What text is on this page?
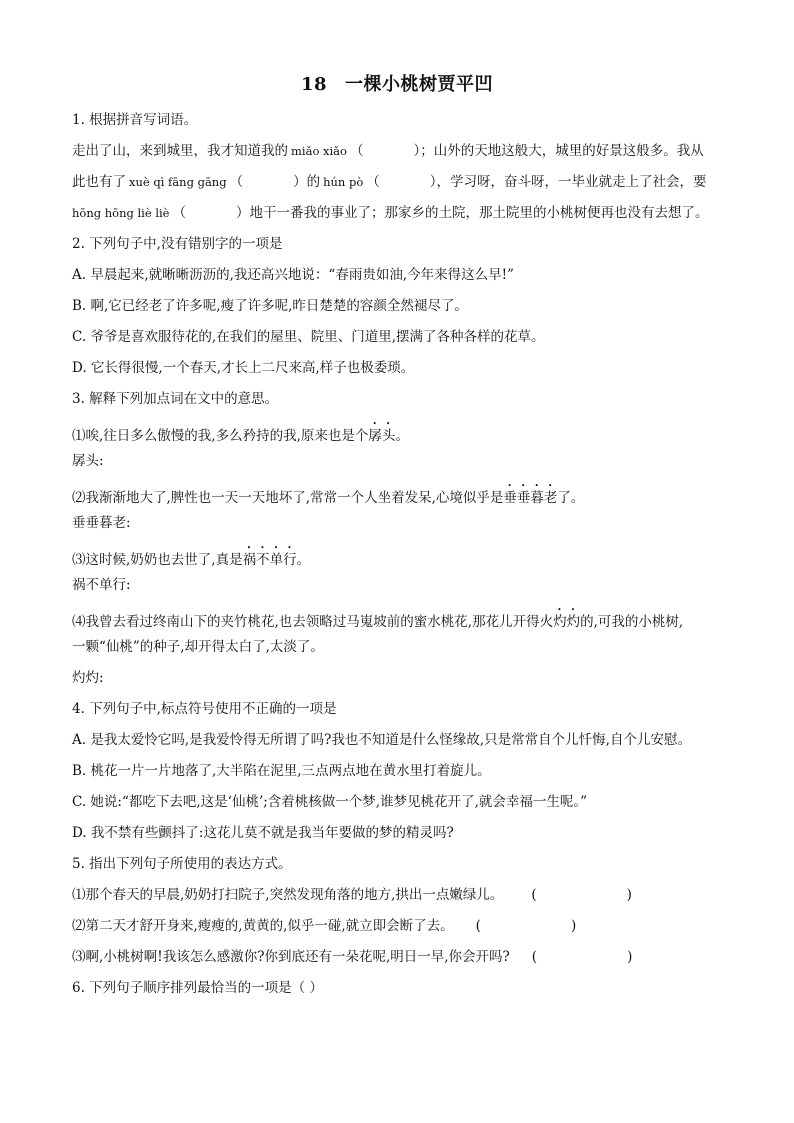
18 一棵小桃树贾平凹
1. 根据拼音写词语。
走出了山，来到城里，我才知道我的 miǎo xiǎo （	）；山外的天地这般大，城里的好景这般多。我从
此也有了 xuè qì fāng gāng （	）的 hún pò （	），学习呀，奋斗呀，一毕业就走上了社会，要
hōng hōng liè liè （	）地干一番我的事业了；那家乡的土院，那土院里的小桃树便再也没有去想了。
2. 下列句子中,没有错别字的一项是
A. 早晨起来,就晰晰沥沥的,我还高兴地说：“春雨贵如油,今年来得这么早!”
B. 啊,它已经老了许多呢,瘦了许多呢,昨日楚楚的容颜全然褪尽了。
C. 爷爷是喜欢服待花的,在我们的屋里、院里、门道里,摆满了各种各样的花草。
D. 它长得很慢,一个春天,才长上二尺来高,样子也极委琐。
3. 解释下列加点词在文中的意思。
⑴唉,往日多么傲慢的我,多么矜持的我,原来也是个孱头。
孱头:
⑵我渐渐地大了,脾性也一天一天地坏了,常常一个人坐着发呆,心境似乎是垂垂暮老了。
垂垂暮老:
⑶这时候,奶奶也去世了,真是祸不单行。
祸不单行:
⑷我曾去看过终南山下的夹竹桃花,也去领略过马嵬坡前的蜜水桃花,那花儿开得火灼灼的,可我的小桃树,
一颗“仙桃”的种子,却开得太白了,太淡了。
灼灼:
4. 下列句子中,标点符号使用不正确的一项是
A. 是我太爱怜它吗,是我爱怜得无所谓了吗?我也不知道是什么怪缘故,只是常常自个儿忏悔,自个儿安慰。
B. 桃花一片一片地落了,大半陷在泥里,三点两点地在黄水里打着旋儿。
C. 她说:“都吃下去吧,这是‘仙桃’;含着桃核做一个梦,谁梦见桃花开了,就会幸福一生呢。”
D. 我不禁有些颤抖了:这花儿莫不就是我当年要做的梦的精灵吗?
5. 指出下列句子所使用的表达方式。
⑴那个春天的早晨,奶奶打扫院子,突然发现角落的地方,拱出一点嫩绿儿。 (	)
⑵第二天才舒开身来,瘦瘦的,黄黄的,似乎一碰,就立即会断了去。 (	)
⑶啊,小桃树啊!我该怎么感激你?你到底还有一朵花呢,明日一早,你会开吗? (	)
6. 下列句子顺序排列最恰当的一项是（ ）
